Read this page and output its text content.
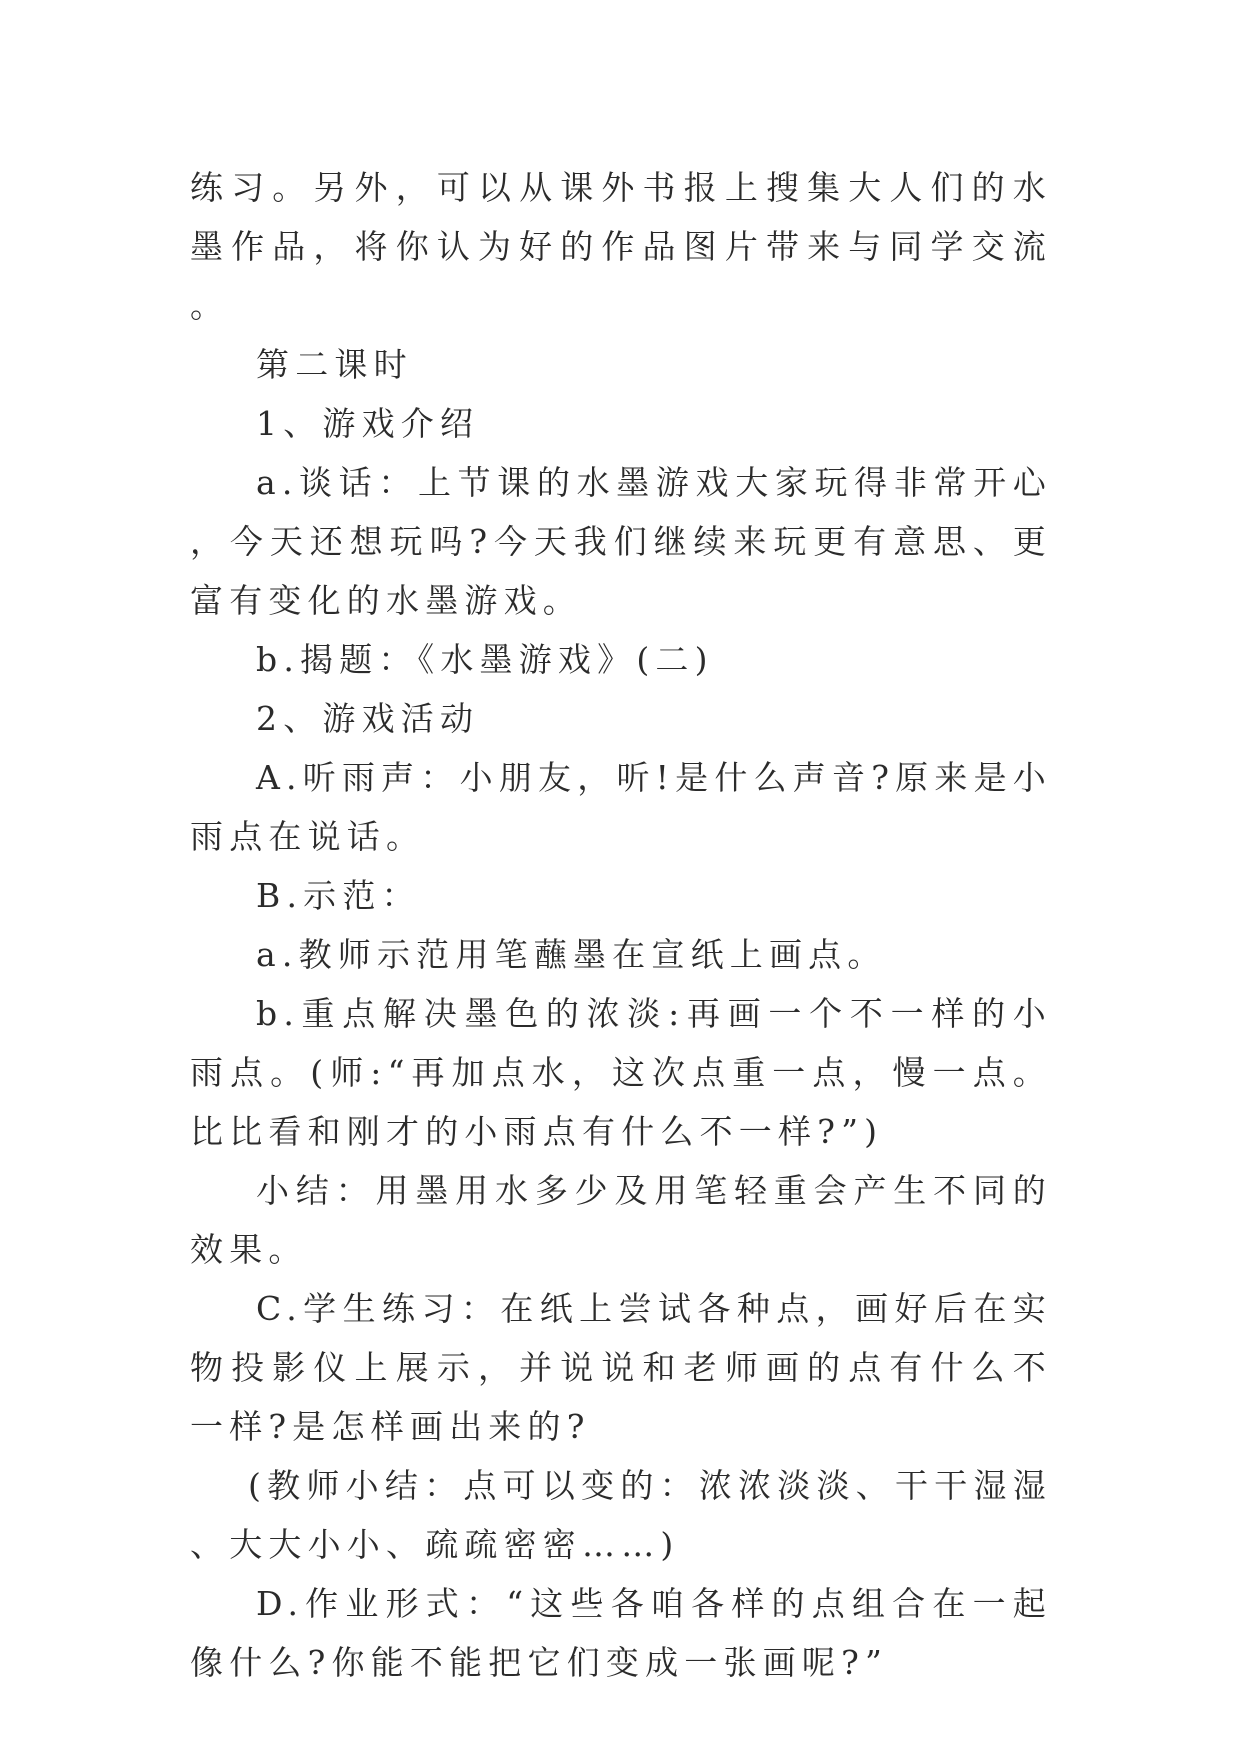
练习。另外，可以从课外书报上搜集大人们的水墨作品，将你认为好的作品图片带来与同学交流。

第二课时

1、游戏介绍

a.谈话：上节课的水墨游戏大家玩得非常开心，今天还想玩吗?今天我们继续来玩更有意思、更富有变化的水墨游戏。

b.揭题：《水墨游戏》(二)

2、游戏活动

A.听雨声：小朋友，听!是什么声音?原来是小雨点在说话。

B.示范：

a.教师示范用笔蘸墨在宣纸上画点。

b.重点解决墨色的浓淡:再画一个不一样的小雨点。(师:“再加点水，这次点重一点，慢一点。比比看和刚才的小雨点有什么不一样?”)

小结：用墨用水多少及用笔轻重会产生不同的效果。

C.学生练习：在纸上尝试各种点，画好后在实物投影仪上展示，并说说和老师画的点有什么不一样?是怎样画出来的?

(教师小结：点可以变的：浓浓淡淡、干干湿湿、大大小小、疏疏密密……)

D.作业形式：“这些各咱各样的点组合在一起像什么?你能不能把它们变成一张画呢?”
